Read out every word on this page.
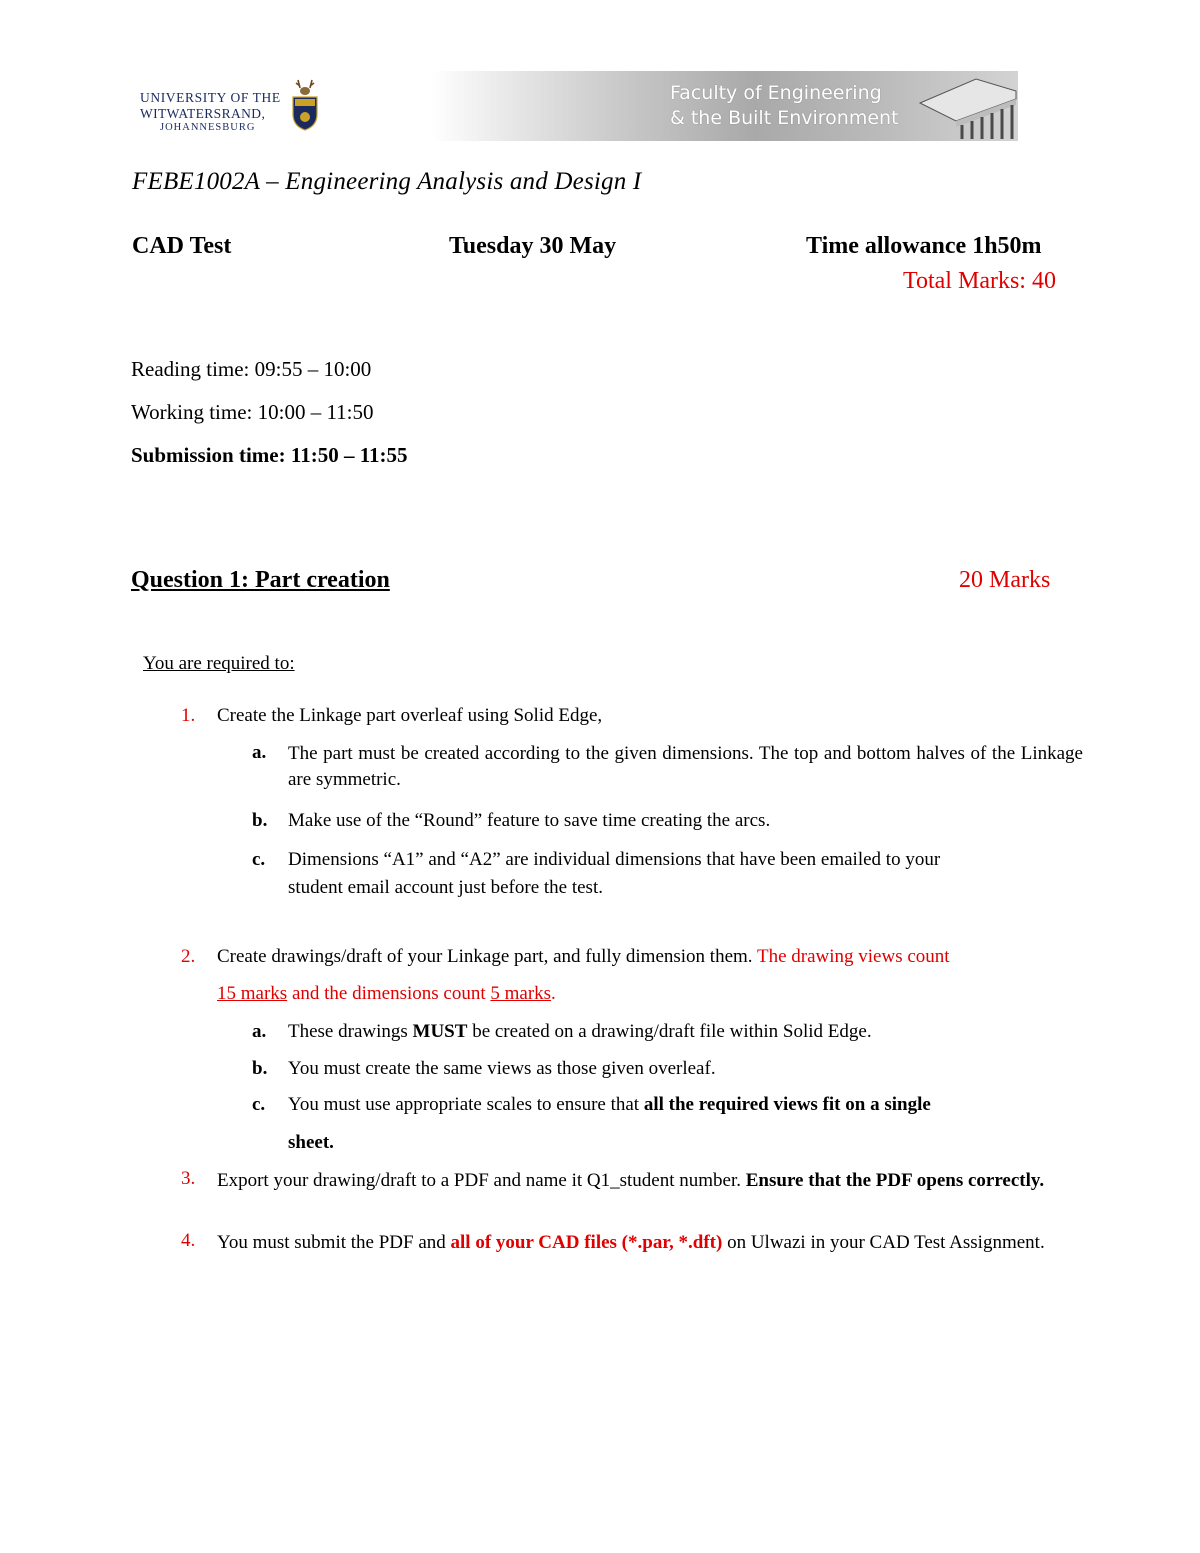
UNIVERSITY OF THE
WITWATERSRAND,
JOHANNESBURG
Faculty of Engineering
& the Built Environment
FEBE1002A – Engineering Analysis and Design I
CAD Test	Tuesday 30 May	Time allowance 1h50m
Total Marks: 40
Reading time: 09:55 – 10:00
Working time: 10:00 – 11:50
Submission time: 11:50 – 11:55
Question 1: Part creation	20 Marks
You are required to:
1. Create the Linkage part overleaf using Solid Edge,
a. The part must be created according to the given dimensions. The top and bottom halves of the Linkage are symmetric.
b. Make use of the “Round” feature to save time creating the arcs.
c. Dimensions “A1” and “A2” are individual dimensions that have been emailed to your
student email account just before the test.
2. Create drawings/draft of your Linkage part, and fully dimension them. The drawing views count
15 marks and the dimensions count 5 marks.
a. These drawings MUST be created on a drawing/draft file within Solid Edge.
b. You must create the same views as those given overleaf.
c. You must use appropriate scales to ensure that all the required views fit on a single
sheet.
3. Export your drawing/draft to a PDF and name it Q1_student number. Ensure that the PDF opens correctly.
4. You must submit the PDF and all of your CAD files (*.par, *.dft) on Ulwazi in your CAD Test Assignment.
